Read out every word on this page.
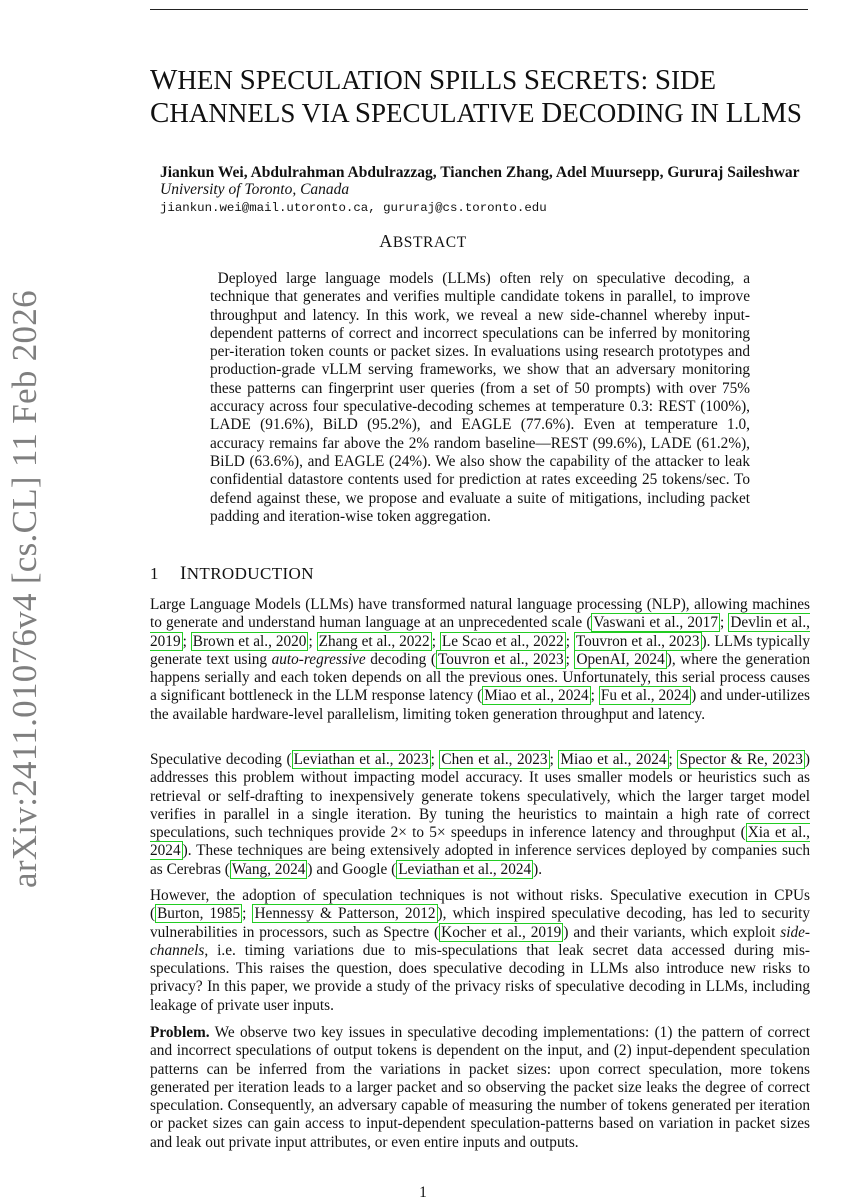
arXiv:2411.01076v4 [cs.CL] 11 Feb 2026
WHEN SPECULATION SPILLS SECRETS: SIDE
CHANNELS VIA SPECULATIVE DECODING IN LLMS
Jiankun Wei, Abdulrahman Abdulrazzag, Tianchen Zhang, Adel Muursepp, Gururaj Saileshwar
University of Toronto, Canada
jiankun.wei@mail.utoronto.ca, gururaj@cs.toronto.edu
ABSTRACT

Deployed large language models (LLMs) often rely on speculative decoding, a technique that generates and verifies multiple candidate tokens in parallel, to improve throughput and latency. In this work, we reveal a new side-channel whereby input-dependent patterns of correct and incorrect speculations can be inferred by monitoring per-iteration token counts or packet sizes. In evaluations using research prototypes and production-grade vLLM serving frameworks, we show that an adversary monitoring these patterns can fingerprint user queries (from a set of 50 prompts) with over 75% accuracy across four speculative-decoding schemes at temperature 0.3: REST (100%), LADE (91.6%), BiLD (95.2%), and EAGLE (77.6%). Even at temperature 1.0, accuracy remains far above the 2% random baseline—REST (99.6%), LADE (61.2%), BiLD (63.6%), and EAGLE (24%). We also show the capability of the attacker to leak confidential datastore contents used for prediction at rates exceeding 25 tokens/sec. To defend against these, we propose and evaluate a suite of mitigations, including packet padding and iteration-wise token aggregation.

1 INTRODUCTION

Large Language Models (LLMs) have transformed natural language processing (NLP), allowing machines to generate and understand human language at an unprecedented scale ( Vaswani et al., 2017 ; Devlin et al., 2019 ; Brown et al., 2020 ; Zhang et al., 2022 ; Le Scao et al., 2022 ; Touvron et al., 2023 ). LLMs typically generate text using auto-regressive decoding ( Touvron et al., 2023 ; OpenAI, 2024 ), where the generation happens serially and each token depends on all the previous ones. Unfortunately, this serial process causes a significant bottleneck in the LLM response latency ( Miao et al., 2024 ; Fu et al., 2024 ) and under-utilizes the available hardware-level parallelism, limiting token generation throughput and latency.

Speculative decoding ( Leviathan et al., 2023 ; Chen et al., 2023 ; Miao et al., 2024 ; Spector & Re, 2023 ) addresses this problem without impacting model accuracy. It uses smaller models or heuristics such as retrieval or self-drafting to inexpensively generate tokens speculatively, which the larger target model verifies in parallel in a single iteration. By tuning the heuristics to maintain a high rate of correct speculations, such techniques provide 2× to 5× speedups in inference latency and throughput ( Xia et al., 2024 ). These techniques are being extensively adopted in inference services deployed by companies such as Cerebras ( Wang, 2024 ) and Google ( Leviathan et al., 2024 ).

However, the adoption of speculation techniques is not without risks. Speculative execution in CPUs ( Burton, 1985 ; Hennessy & Patterson, 2012 ), which inspired speculative decoding, has led to security vulnerabilities in processors, such as Spectre ( Kocher et al., 2019 ) and their variants, which exploit side-channels, i.e. timing variations due to mis-speculations that leak secret data accessed during mis-speculations. This raises the question, does speculative decoding in LLMs also introduce new risks to privacy? In this paper, we provide a study of the privacy risks of speculative decoding in LLMs, including leakage of private user inputs.

Problem. We observe two key issues in speculative decoding implementations: (1) the pattern of correct and incorrect speculations of output tokens is dependent on the input, and (2) input-dependent speculation patterns can be inferred from the variations in packet sizes: upon correct speculation, more tokens generated per iteration leads to a larger packet and so observing the packet size leaks the degree of correct speculation. Consequently, an adversary capable of measuring the number of tokens generated per iteration or packet sizes can gain access to input-dependent speculation-patterns based on variation in packet sizes and leak out private input attributes, or even entire inputs and outputs.

1
